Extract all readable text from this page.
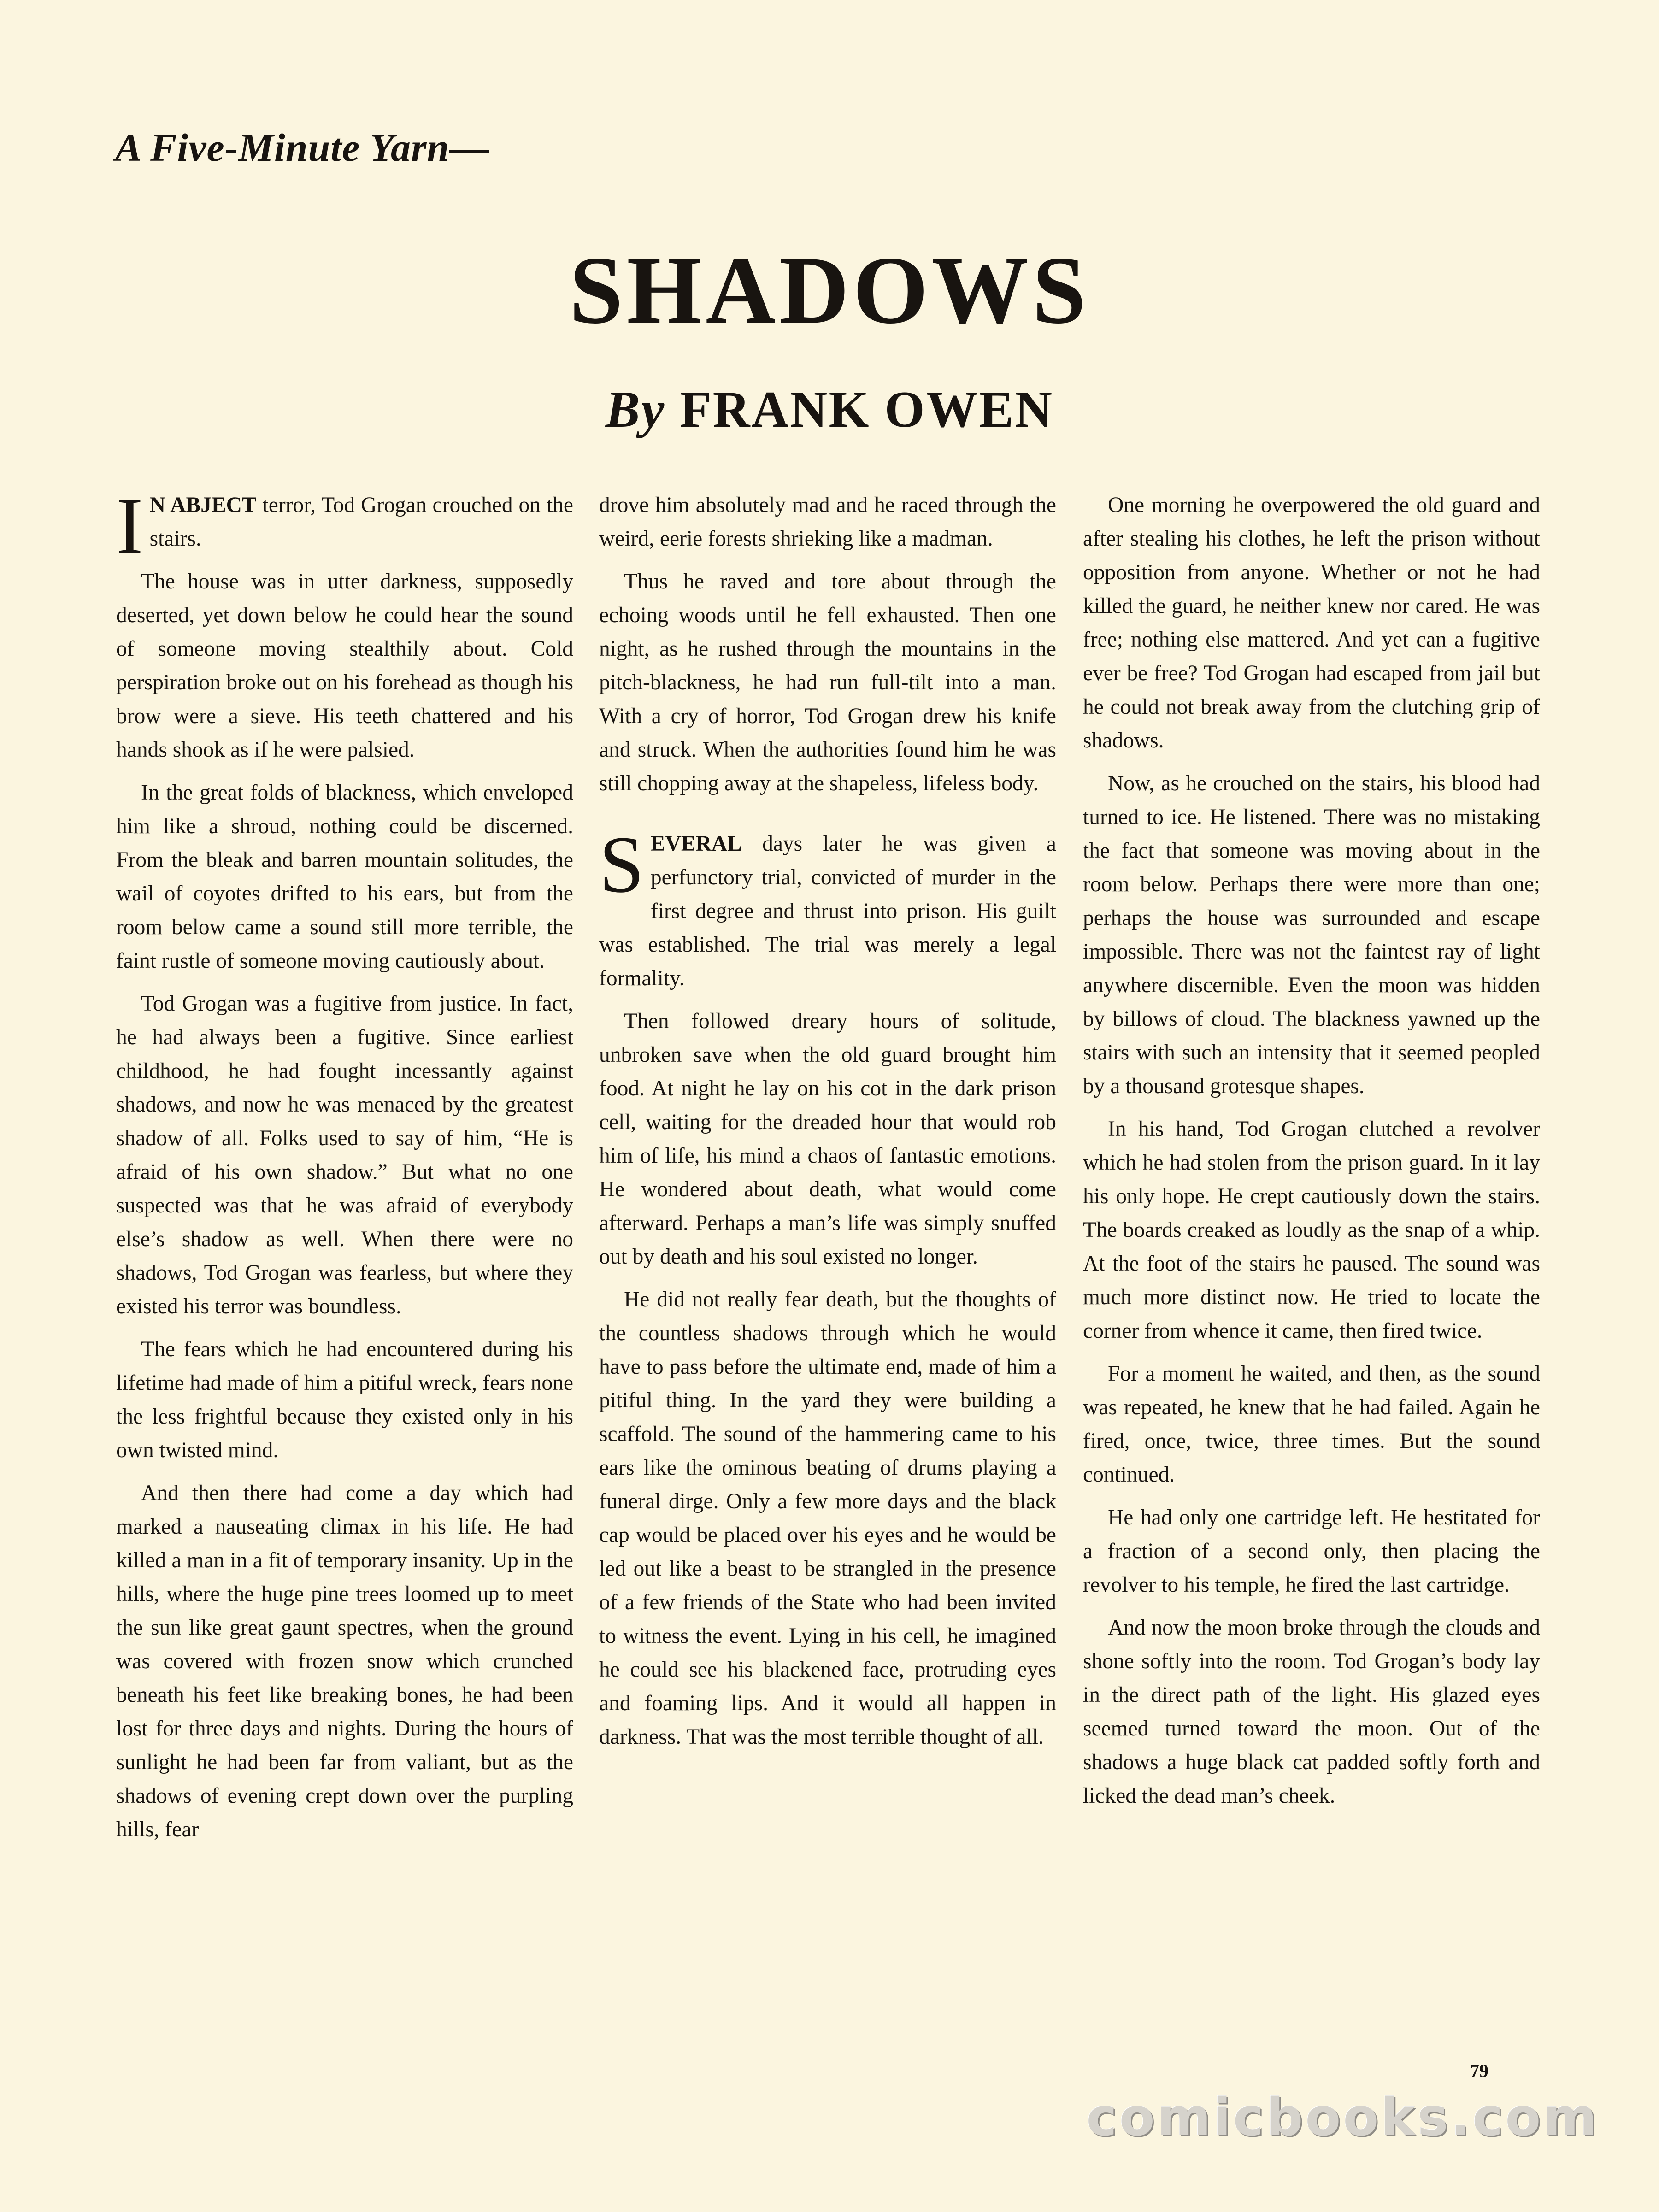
A Five-Minute Yarn—
SHADOWS
By FRANK OWEN

I N ABJECT terror, Tod Grogan crouched on the stairs.

The house was in utter darkness, supposedly deserted, yet down below he could hear the sound of someone moving stealthily about. Cold perspiration broke out on his forehead as though his brow were a sieve. His teeth chattered and his hands shook as if he were palsied.

In the great folds of blackness, which enveloped him like a shroud, nothing could be discerned. From the bleak and barren mountain solitudes, the wail of coyotes drifted to his ears, but from the room below came a sound still more terrible, the faint rustle of someone moving cautiously about.

Tod Grogan was a fugitive from justice. In fact, he had always been a fugitive. Since earliest childhood, he had fought incessantly against shadows, and now he was menaced by the greatest shadow of all. Folks used to say of him, “He is afraid of his own shadow.” But what no one suspected was that he was afraid of everybody else’s shadow as well. When there were no shadows, Tod Grogan was fearless, but where they existed his terror was boundless.

The fears which he had encountered during his lifetime had made of him a pitiful wreck, fears none the less frightful because they existed only in his own twisted mind.

And then there had come a day which had marked a nauseating climax in his life. He had killed a man in a fit of temporary insanity. Up in the hills, where the huge pine trees loomed up to meet the sun like great gaunt spectres, when the ground was covered with frozen snow which crunched beneath his feet like breaking bones, he had been lost for three days and nights. During the hours of sunlight he had been far from valiant, but as the shadows of evening crept down over the purpling hills, fear

drove him absolutely mad and he raced through the weird, eerie forests shrieking like a madman.

Thus he raved and tore about through the echoing woods until he fell exhausted. Then one night, as he rushed through the mountains in the pitch-blackness, he had run full-tilt into a man. With a cry of horror, Tod Grogan drew his knife and struck. When the authorities found him he was still chopping away at the shapeless, lifeless body.

SEVERAL days later he was given a perfunctory trial, convicted of murder in the first degree and thrust into prison. His guilt was established. The trial was merely a legal formality.

Then followed dreary hours of solitude, unbroken save when the old guard brought him food. At night he lay on his cot in the dark prison cell, waiting for the dreaded hour that would rob him of life, his mind a chaos of fantastic emotions. He wondered about death, what would come afterward. Perhaps a man’s life was simply snuffed out by death and his soul existed no longer.

He did not really fear death, but the thoughts of the countless shadows through which he would have to pass before the ultimate end, made of him a pitiful thing. In the yard they were building a scaffold. The sound of the hammering came to his ears like the ominous beating of drums playing a funeral dirge. Only a few more days and the black cap would be placed over his eyes and he would be led out like a beast to be strangled in the presence of a few friends of the State who had been invited to witness the event. Lying in his cell, he imagined he could see his blackened face, protruding eyes and foaming lips. And it would all happen in darkness. That was the most terrible thought of all.

One morning he overpowered the old guard and after stealing his clothes, he left the prison without opposition from anyone. Whether or not he had killed the guard, he neither knew nor cared. He was free; nothing else mattered. And yet can a fugitive ever be free? Tod Grogan had escaped from jail but he could not break away from the clutching grip of shadows.

Now, as he crouched on the stairs, his blood had turned to ice. He listened. There was no mistaking the fact that someone was moving about in the room below. Perhaps there were more than one; perhaps the house was surrounded and escape impossible. There was not the faintest ray of light anywhere discernible. Even the moon was hidden by billows of cloud. The blackness yawned up the stairs with such an intensity that it seemed peopled by a thousand grotesque shapes.

In his hand, Tod Grogan clutched a revolver which he had stolen from the prison guard. In it lay his only hope. He crept cautiously down the stairs. The boards creaked as loudly as the snap of a whip. At the foot of the stairs he paused. The sound was much more distinct now. He tried to locate the corner from whence it came, then fired twice.

For a moment he waited, and then, as the sound was repeated, he knew that he had failed. Again he fired, once, twice, three times. But the sound continued.

He had only one cartridge left. He hestitated for a fraction of a second only, then placing the revolver to his temple, he fired the last cartridge.

And now the moon broke through the clouds and shone softly into the room. Tod Grogan’s body lay in the direct path of the light. His glazed eyes seemed turned toward the moon. Out of the shadows a huge black cat padded softly forth and licked the dead man’s cheek.

79
comicbooks.com
